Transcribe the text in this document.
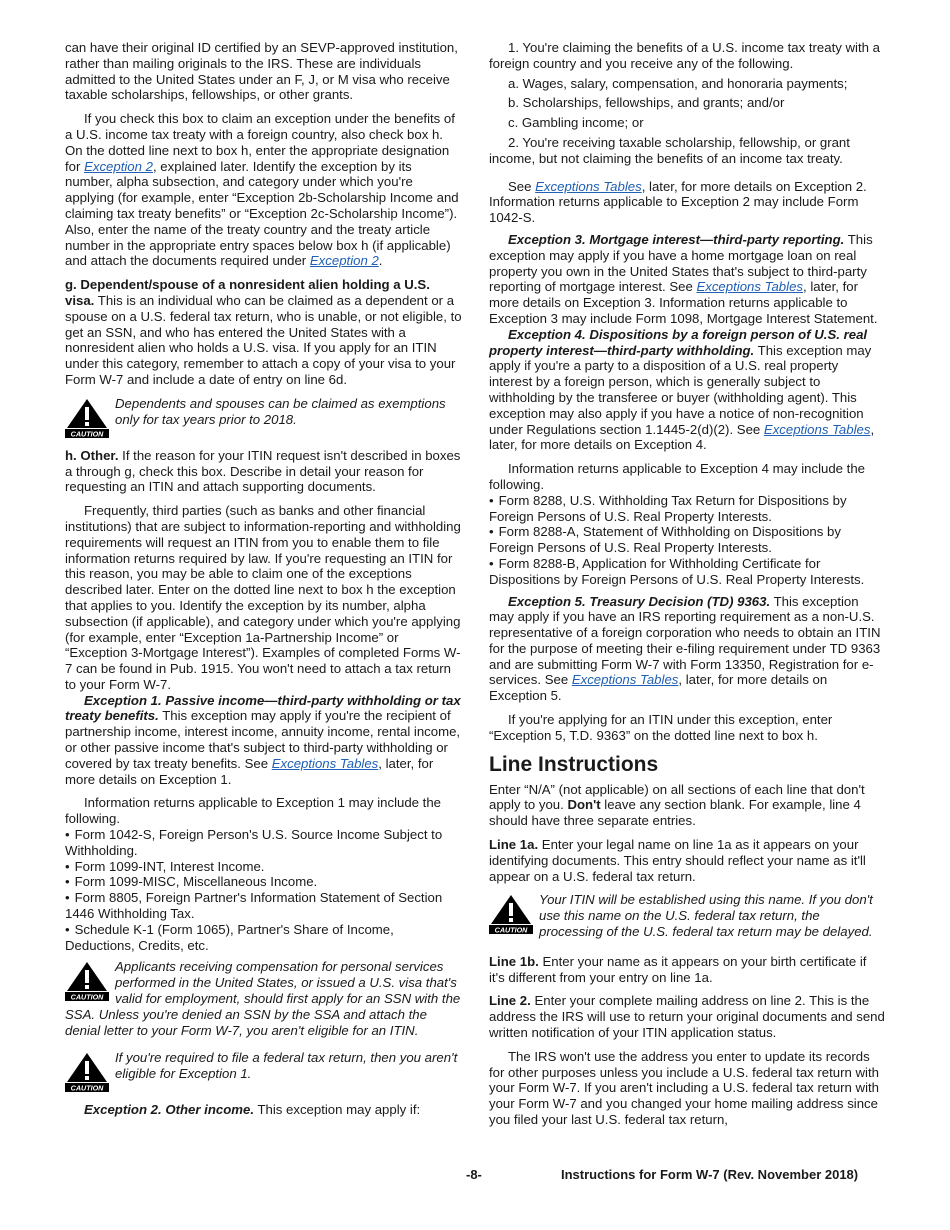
can have their original ID certified by an SEVP-approved institution, rather than mailing originals to the IRS. These are individuals admitted to the United States under an F, J, or M visa who receive taxable scholarships, fellowships, or other grants.

If you check this box to claim an exception under the benefits of a U.S. income tax treaty with a foreign country, also check box h. On the dotted line next to box h, enter the appropriate designation for Exception 2, explained later. Identify the exception by its number, alpha subsection, and category under which you're applying (for example, enter “Exception 2b-Scholarship Income and claiming tax treaty benefits” or “Exception 2c-Scholarship Income”). Also, enter the name of the treaty country and the treaty article number in the appropriate entry spaces below box h (if applicable) and attach the documents required under Exception 2.

g. Dependent/spouse of a nonresident alien holding a U.S. visa. This is an individual who can be claimed as a dependent or a spouse on a U.S. federal tax return, who is unable, or not eligible, to get an SSN, and who has entered the United States with a nonresident alien who holds a U.S. visa. If you apply for an ITIN under this category, remember to attach a copy of your visa to your Form W-7 and include a date of entry on line 6d.

CAUTION
Dependents and spouses can be claimed as exemptions only for tax years prior to 2018.

h. Other. If the reason for your ITIN request isn't described in boxes a through g, check this box. Describe in detail your reason for requesting an ITIN and attach supporting documents.

Frequently, third parties (such as banks and other financial institutions) that are subject to information-reporting and withholding requirements will request an ITIN from you to enable them to file information returns required by law. If you're requesting an ITIN for this reason, you may be able to claim one of the exceptions described later. Enter on the dotted line next to box h the exception that applies to you. Identify the exception by its number, alpha subsection (if applicable), and category under which you're applying (for example, enter “Exception 1a-Partnership Income” or “Exception 3-Mortgage Interest”). Examples of completed Forms W-7 can be found in Pub. 1915. You won't need to attach a tax return to your Form W-7.

Exception 1. Passive income—third-party withholding or tax treaty benefits. This exception may apply if you're the recipient of partnership income, interest income, annuity income, rental income, or other passive income that's subject to third-party withholding or covered by tax treaty benefits. See Exceptions Tables, later, for more details on Exception 1.

Information returns applicable to Exception 1 may include the following.

• Form 1042-S, Foreign Person's U.S. Source Income Subject to Withholding.
• Form 1099-INT, Interest Income.
• Form 1099-MISC, Miscellaneous Income.
• Form 8805, Foreign Partner's Information Statement of Section 1446 Withholding Tax.
• Schedule K-1 (Form 1065), Partner's Share of Income, Deductions, Credits, etc.
CAUTION
Applicants receiving compensation for personal services performed in the United States, or issued a U.S. visa that's valid for employment, should first apply for an SSN with the SSA. Unless you're denied an SSN by the SSA and attach the denial letter to your Form W-7, you aren't eligible for an ITIN.
CAUTION
If you're required to file a federal tax return, then you aren't eligible for Exception 1.

Exception 2. Other income. This exception may apply if:

1. You're claiming the benefits of a U.S. income tax treaty with a foreign country and you receive any of the following.

a. Wages, salary, compensation, and honoraria payments;
b. Scholarships, fellowships, and grants; and/or
c. Gambling income; or

2. You're receiving taxable scholarship, fellowship, or grant income, but not claiming the benefits of an income tax treaty.

See Exceptions Tables, later, for more details on Exception 2. Information returns applicable to Exception 2 may include Form 1042-S.

Exception 3. Mortgage interest—third-party reporting. This exception may apply if you have a home mortgage loan on real property you own in the United States that's subject to third-party reporting of mortgage interest. See Exceptions Tables, later, for more details on Exception 3. Information returns applicable to Exception 3 may include Form 1098, Mortgage Interest Statement.

Exception 4. Dispositions by a foreign person of U.S. real property interest—third-party withholding. This exception may apply if you're a party to a disposition of a U.S. real property interest by a foreign person, which is generally subject to withholding by the transferee or buyer (withholding agent). This exception may also apply if you have a notice of non-recognition under Regulations section 1.1445-2(d)(2). See Exceptions Tables, later, for more details on Exception 4.

Information returns applicable to Exception 4 may include the following.

• Form 8288, U.S. Withholding Tax Return for Dispositions by Foreign Persons of U.S. Real Property Interests.
• Form 8288-A, Statement of Withholding on Dispositions by Foreign Persons of U.S. Real Property Interests.
• Form 8288-B, Application for Withholding Certificate for Dispositions by Foreign Persons of U.S. Real Property Interests.

Exception 5. Treasury Decision (TD) 9363. This exception may apply if you have an IRS reporting requirement as a non-U.S. representative of a foreign corporation who needs to obtain an ITIN for the purpose of meeting their e-filing requirement under TD 9363 and are submitting Form W-7 with Form 13350, Registration for e-services. See Exceptions Tables, later, for more details on Exception 5.

If you're applying for an ITIN under this exception, enter “Exception 5, T.D. 9363” on the dotted line next to box h.

Line Instructions

Enter “N/A” (not applicable) on all sections of each line that don't apply to you. Don't leave any section blank. For example, line 4 should have three separate entries.

Line 1a. Enter your legal name on line 1a as it appears on your identifying documents. This entry should reflect your name as it'll appear on a U.S. federal tax return.

CAUTION
Your ITIN will be established using this name. If you don't use this name on the U.S. federal tax return, the processing of the U.S. federal tax return may be delayed.

Line 1b. Enter your name as it appears on your birth certificate if it's different from your entry on line 1a.

Line 2. Enter your complete mailing address on line 2. This is the address the IRS will use to return your original documents and send written notification of your ITIN application status.

The IRS won't use the address you enter to update its records for other purposes unless you include a U.S. federal tax return with your Form W-7. If you aren't including a U.S. federal tax return with your Form W-7 and you changed your home mailing address since you filed your last U.S. federal tax return,

-8-	Instructions for Form W-7 (Rev. November 2018)
